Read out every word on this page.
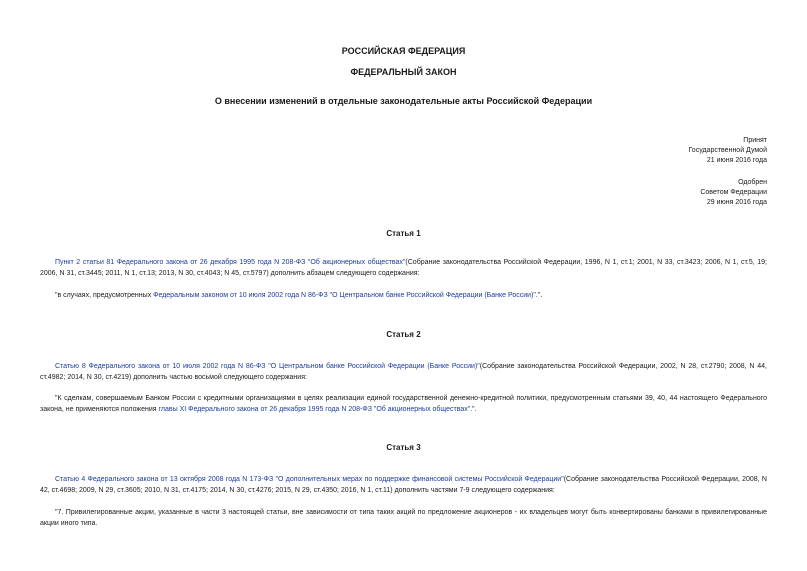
РОССИЙСКАЯ ФЕДЕРАЦИЯ
ФЕДЕРАЛЬНЫЙ ЗАКОН
О внесении изменений в отдельные законодательные акты Российской Федерации
Принят
Государственной Думой
21 июня 2016 года
Одобрен
Советом Федерации
29 июня 2016 года
Статья 1
Пункт 2 статьи 81 Федерального закона от 26 декабря 1995 года N 208-ФЗ "Об акционерных обществах"(Собрание законодательства Российской Федерации, 1996, N 1, ст.1; 2001, N 33, ст.3423; 2006, N 1, ст.5, 19; 2006, N 31, ст.3445; 2011, N 1, ст.13; 2013, N 30, ст.4043; N 45, ст.5797) дополнить абзацем следующего содержания:
"в случаях, предусмотренных Федеральным законом от 10 июля 2002 года N 86-ФЗ "О Центральном банке Российской Федерации (Банке России)".".
Статья 2
Статью 8 Федерального закона от 10 июля 2002 года N 86-ФЗ "О Центральном банке Российской Федерации (Банке России)"(Собрание законодательства Российской Федерации, 2002, N 28, ст.2790; 2008, N 44, ст.4982; 2014, N 30, ст.4219) дополнить частью восьмой следующего содержания:
"К сделкам, совершаемым Банком России с кредитными организациями в целях реализации единой государственной денежно-кредитной политики, предусмотренным статьями 39, 40, 44 настоящего Федерального закона, не применяются положения главы XI Федерального закона от 26 декабря 1995 года N 208-ФЗ "Об акционерных обществах".".
Статья 3
Статью 4 Федерального закона от 13 октября 2008 года N 173-ФЗ "О дополнительных мерах по поддержке финансовой системы Российской Федерации"(Собрание законодательства Российской Федерации, 2008, N 42, ст.4698; 2009, N 29, ст.3605; 2010, N 31, ст.4175; 2014, N 30, ст.4276; 2015, N 29, ст.4350; 2016, N 1, ст.11) дополнить частями 7-9 следующего содержания:
"7. Привилегированные акции, указанные в части 3 настоящей статьи, вне зависимости от типа таких акций по предложение акционеров - их владельцев могут быть конвертированы банками в привилегированные акции иного типа.
